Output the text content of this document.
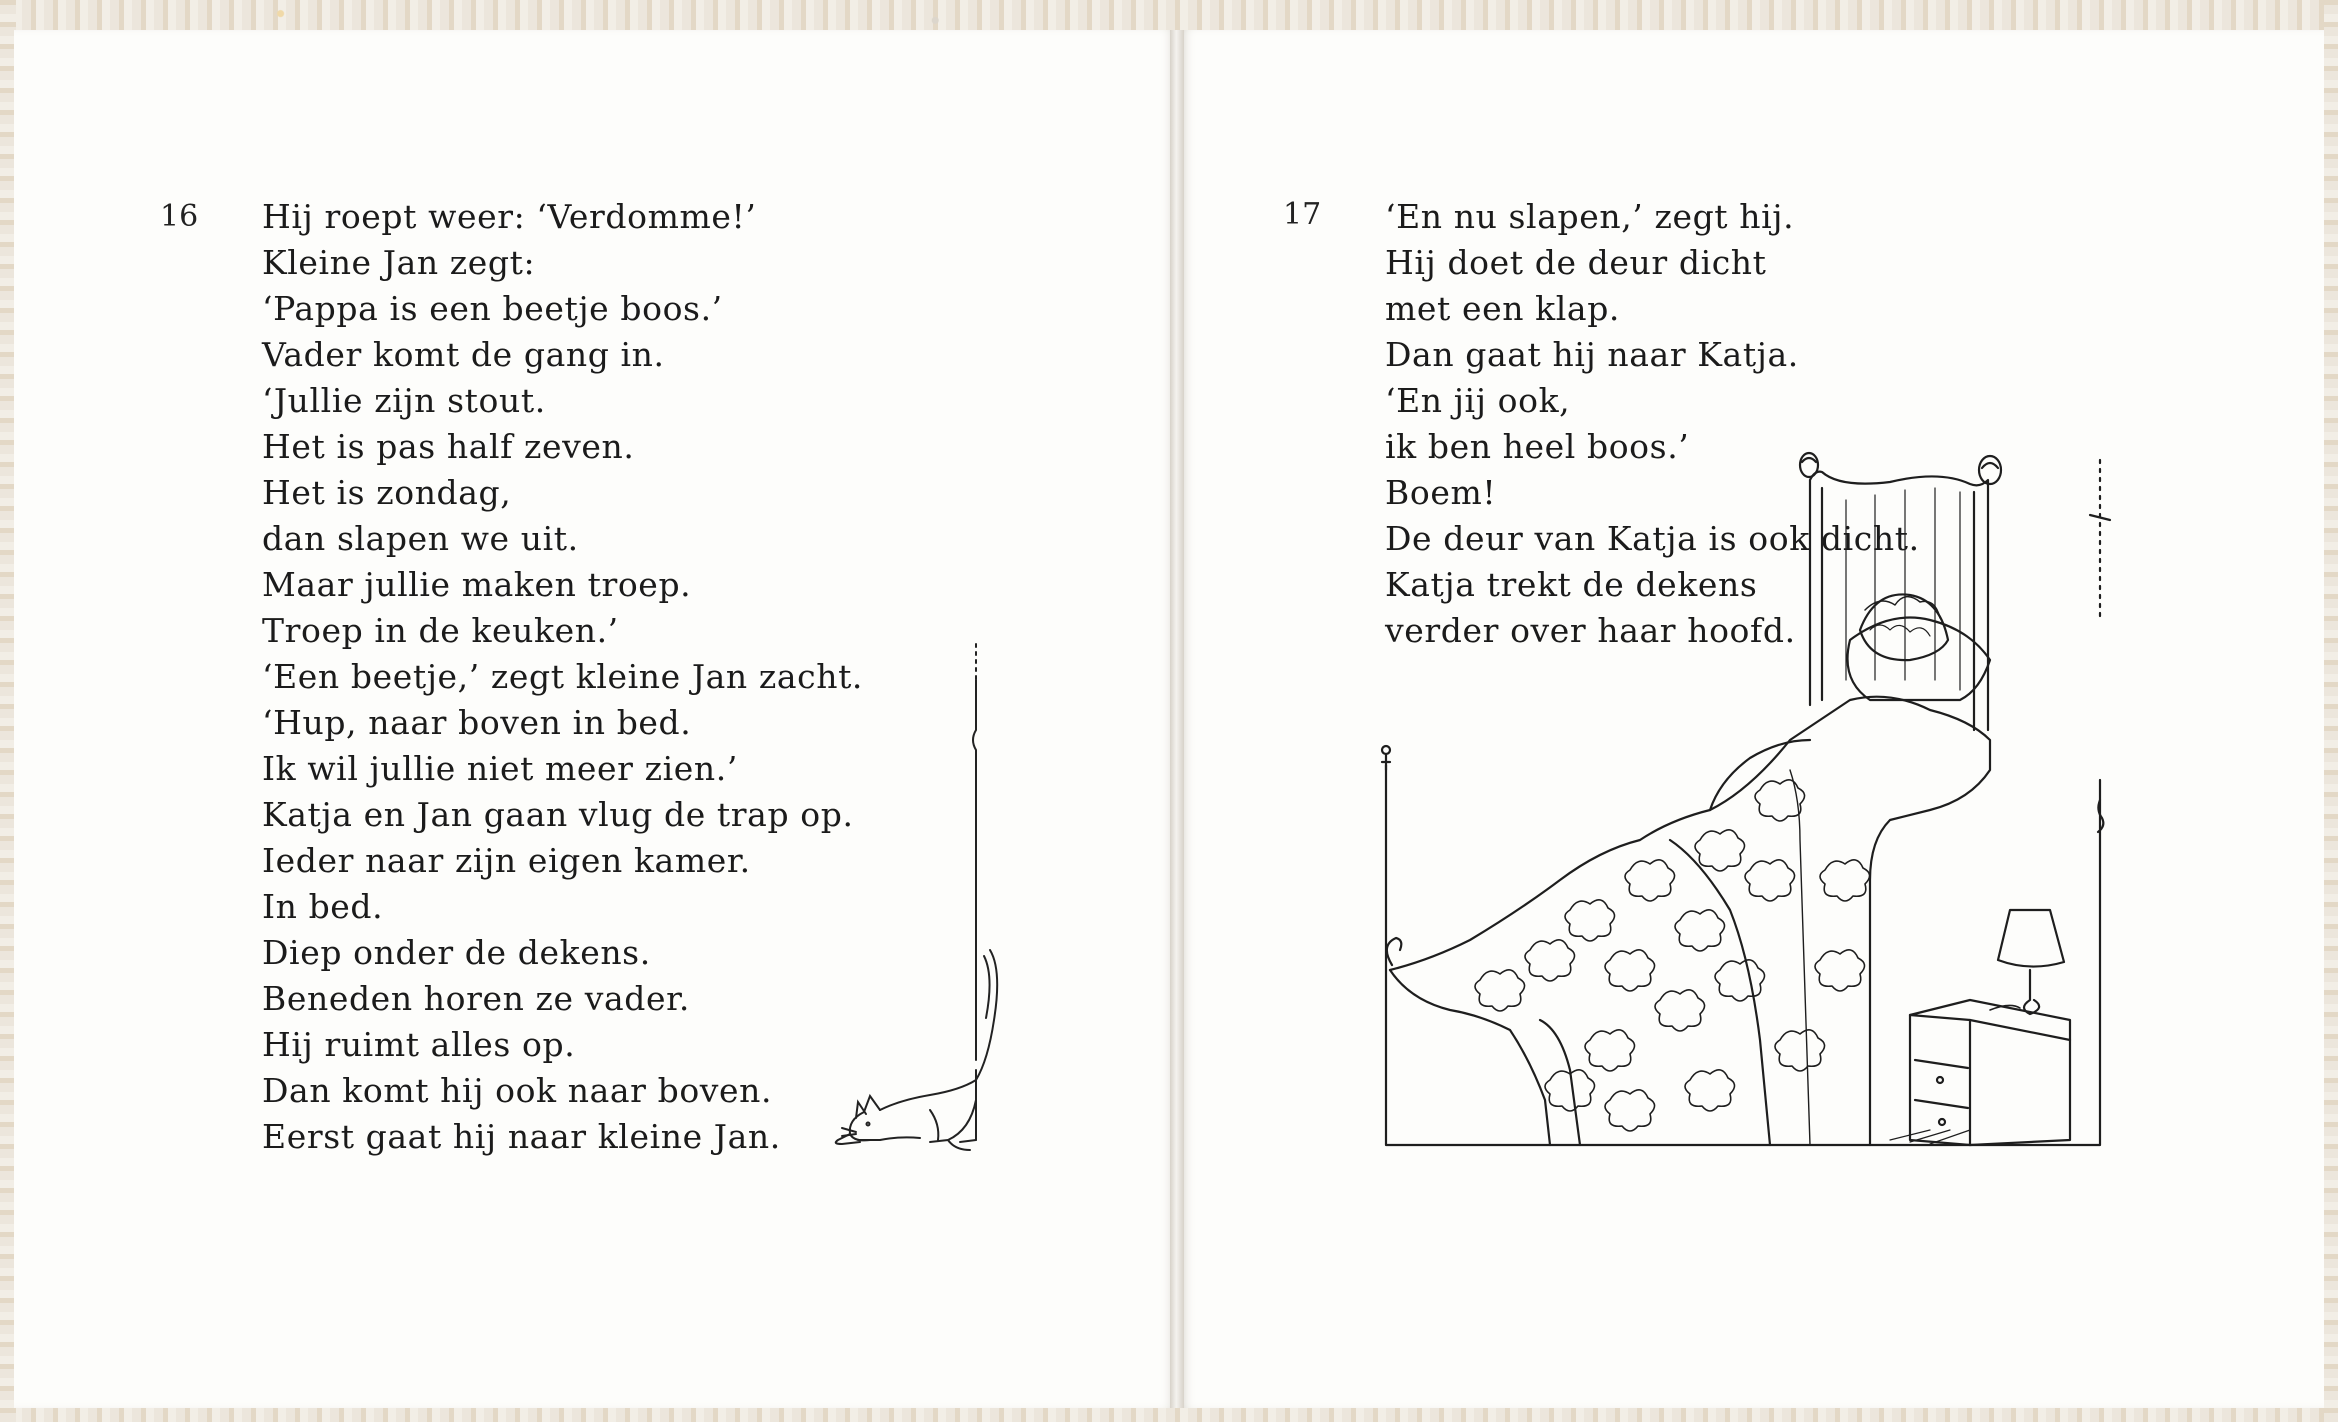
16 Hij roept weer: ‘Verdomme!’
Kleine Jan zegt:
‘Pappa is een beetje boos.’
Vader komt de gang in.
‘Jullie zijn stout.
Het is pas half zeven.
Het is zondag,
dan slapen we uit.
Maar jullie maken troep.
Troep in de keuken.’
‘Een beetje,’ zegt kleine Jan zacht.
‘Hup, naar boven in bed.
Ik wil jullie niet meer zien.’
Katja en Jan gaan vlug de trap op.
Ieder naar zijn eigen kamer.
In bed.
Diep onder de dekens.
Beneden horen ze vader.
Hij ruimt alles op.
Dan komt hij ook naar boven.
Eerst gaat hij naar kleine Jan.
17 ‘En nu slapen,’ zegt hij.
Hij doet de deur dicht
met een klap.
Dan gaat hij naar Katja.
‘En jij ook,
ik ben heel boos.’
Boem!
De deur van Katja is ook dicht.
Katja trekt de dekens
verder over haar hoofd.
